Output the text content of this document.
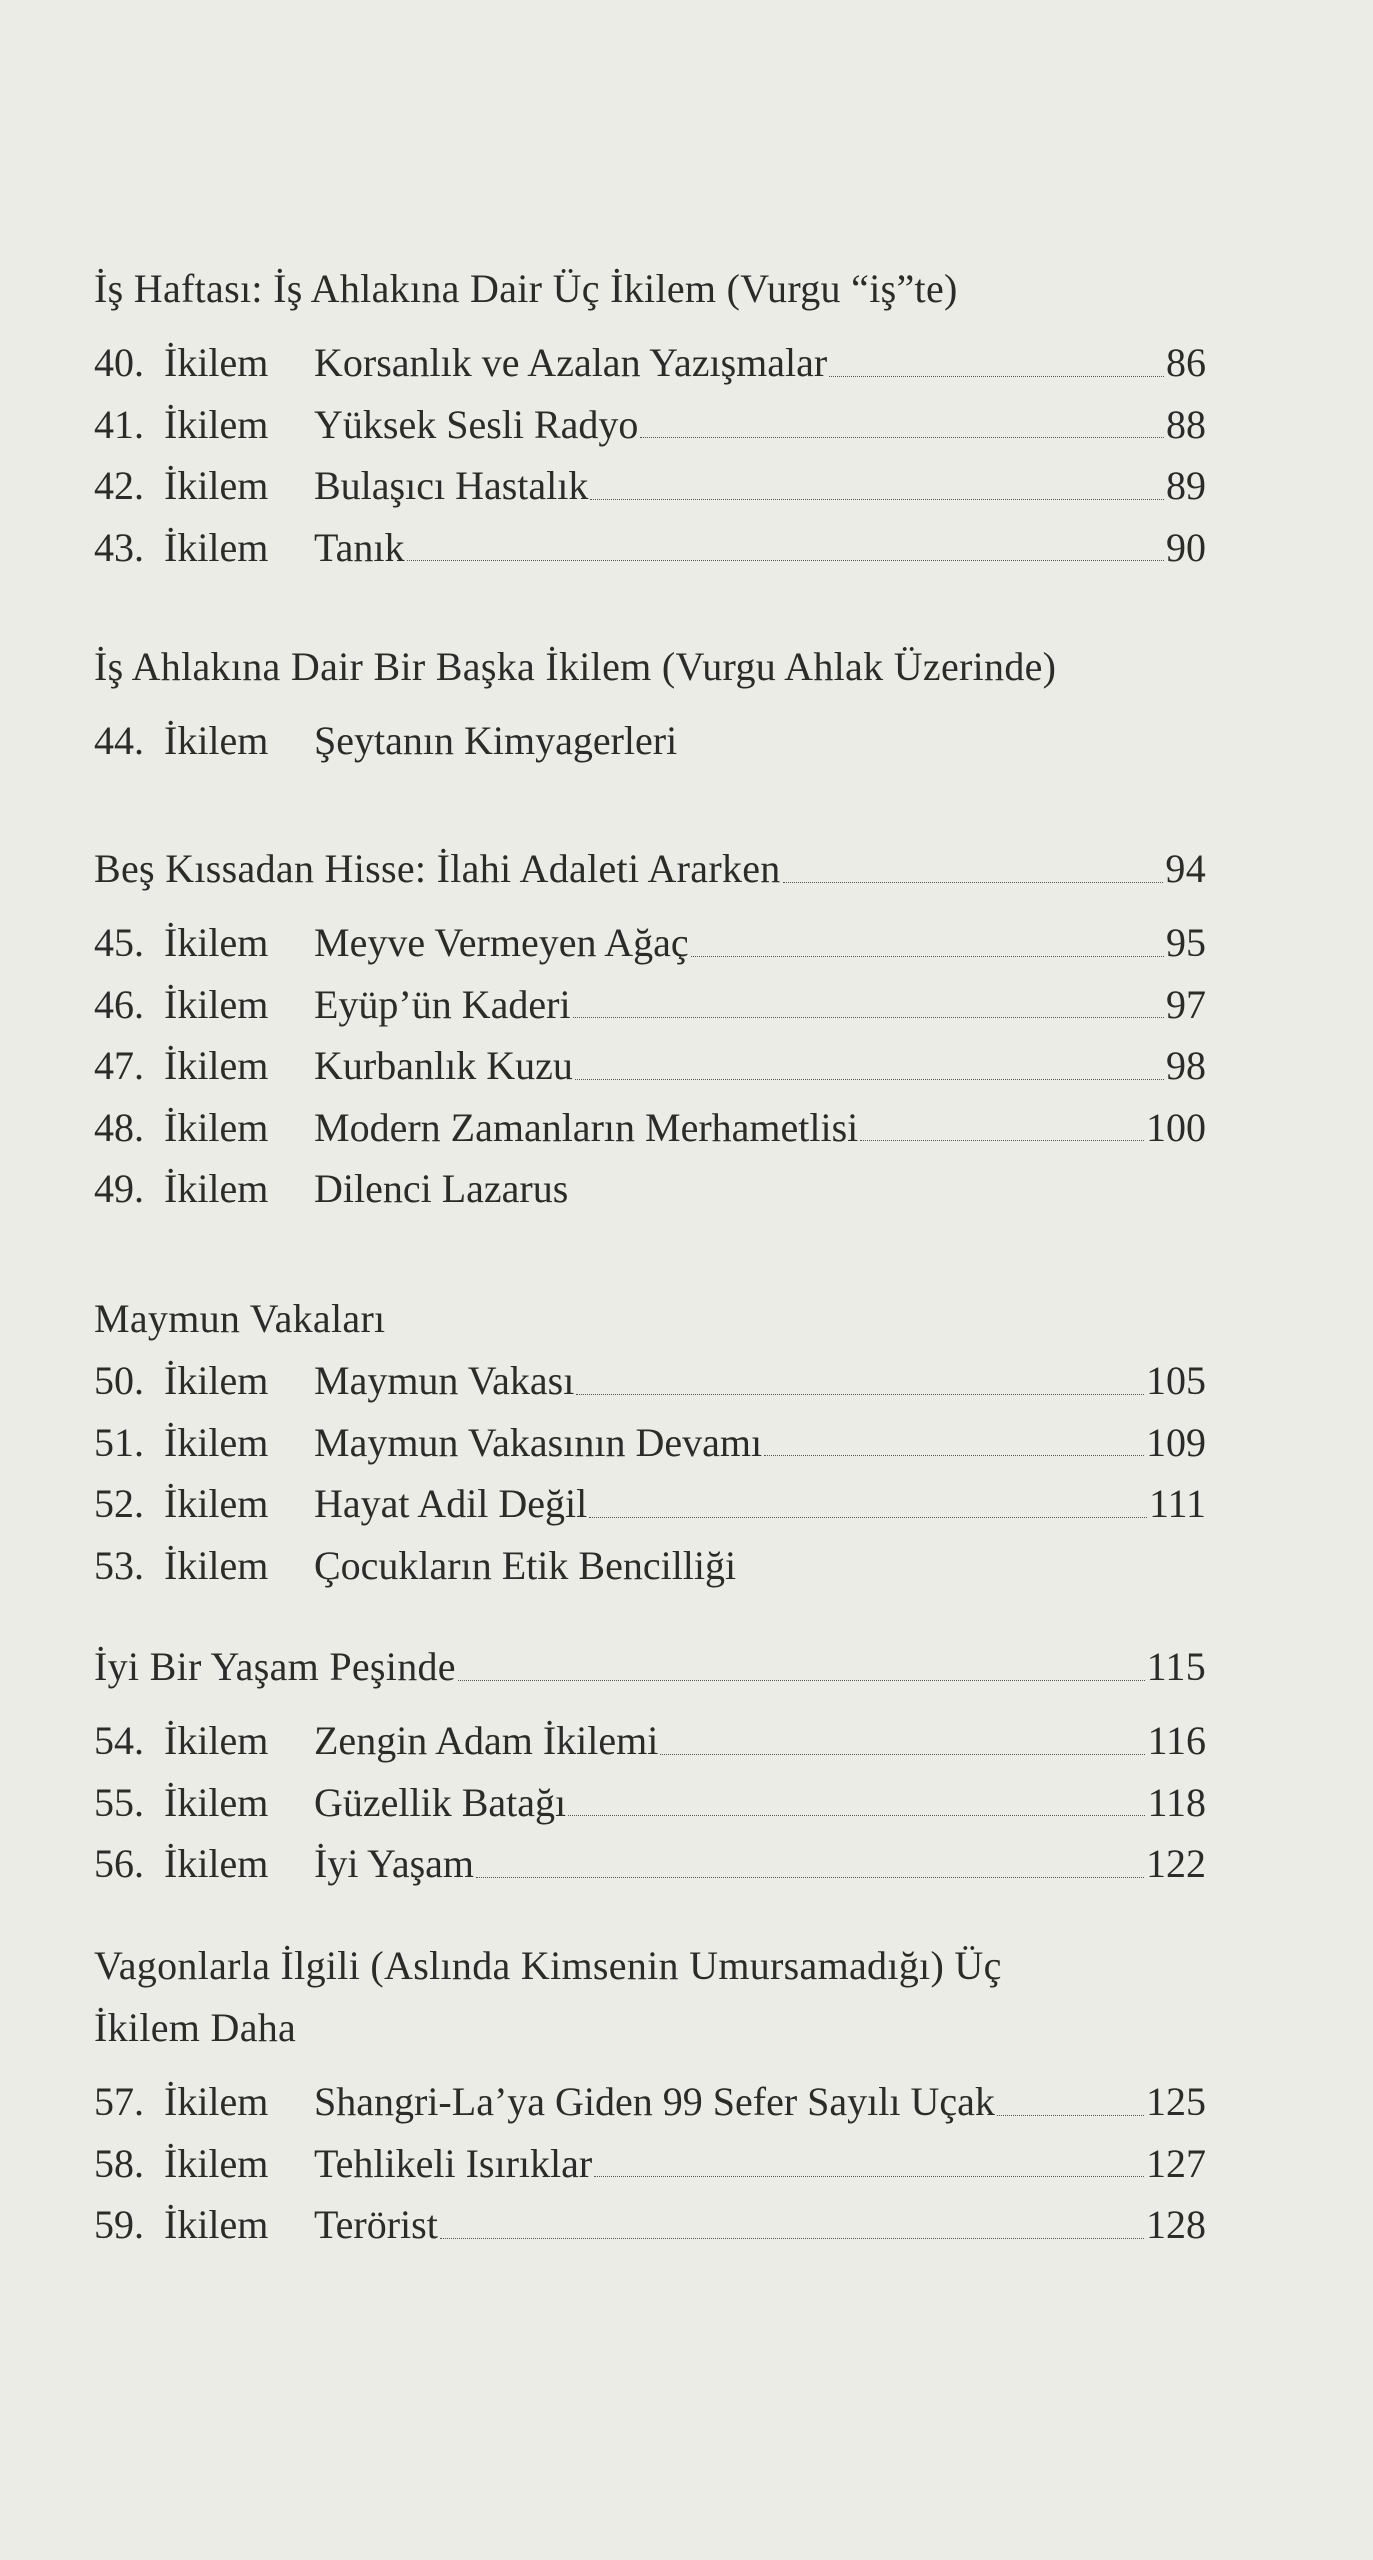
İş Haftası: İş Ahlakına Dair Üç İkilem (Vurgu “iş”te)
40. İkilem	Korsanlık ve Azalan Yazışmalar	86
41. İkilem	Yüksek Sesli Radyo	88
42. İkilem	Bulaşıcı Hastalık	89
43. İkilem	Tanık	90
İş Ahlakına Dair Bir Başka İkilem (Vurgu Ahlak Üzerinde)
44. İkilem	Şeytanın Kimyagerleri
Beş Kıssadan Hisse: İlahi Adaleti Ararken	94
45. İkilem	Meyve Vermeyen Ağaç	95
46. İkilem	Eyüp’ün Kaderi	97
47. İkilem	Kurbanlık Kuzu	98
48. İkilem	Modern Zamanların Merhametlisi	100
49. İkilem	Dilenci Lazarus
Maymun Vakaları
50. İkilem	Maymun Vakası	105
51. İkilem	Maymun Vakasının Devamı	109
52. İkilem	Hayat Adil Değil	111
53. İkilem	Çocukların Etik Bencilliği
İyi Bir Yaşam Peşinde	115
54. İkilem	Zengin Adam İkilemi	116
55. İkilem	Güzellik Batağı	118
56. İkilem	İyi Yaşam	122
Vagonlarla İlgili (Aslında Kimsenin Umursamadığı) Üç İkilem Daha
57. İkilem	Shangri-La’ya Giden 99 Sefer Sayılı Uçak	125
58. İkilem	Tehlikeli Isırıklar	127
59. İkilem	Terörist	128
